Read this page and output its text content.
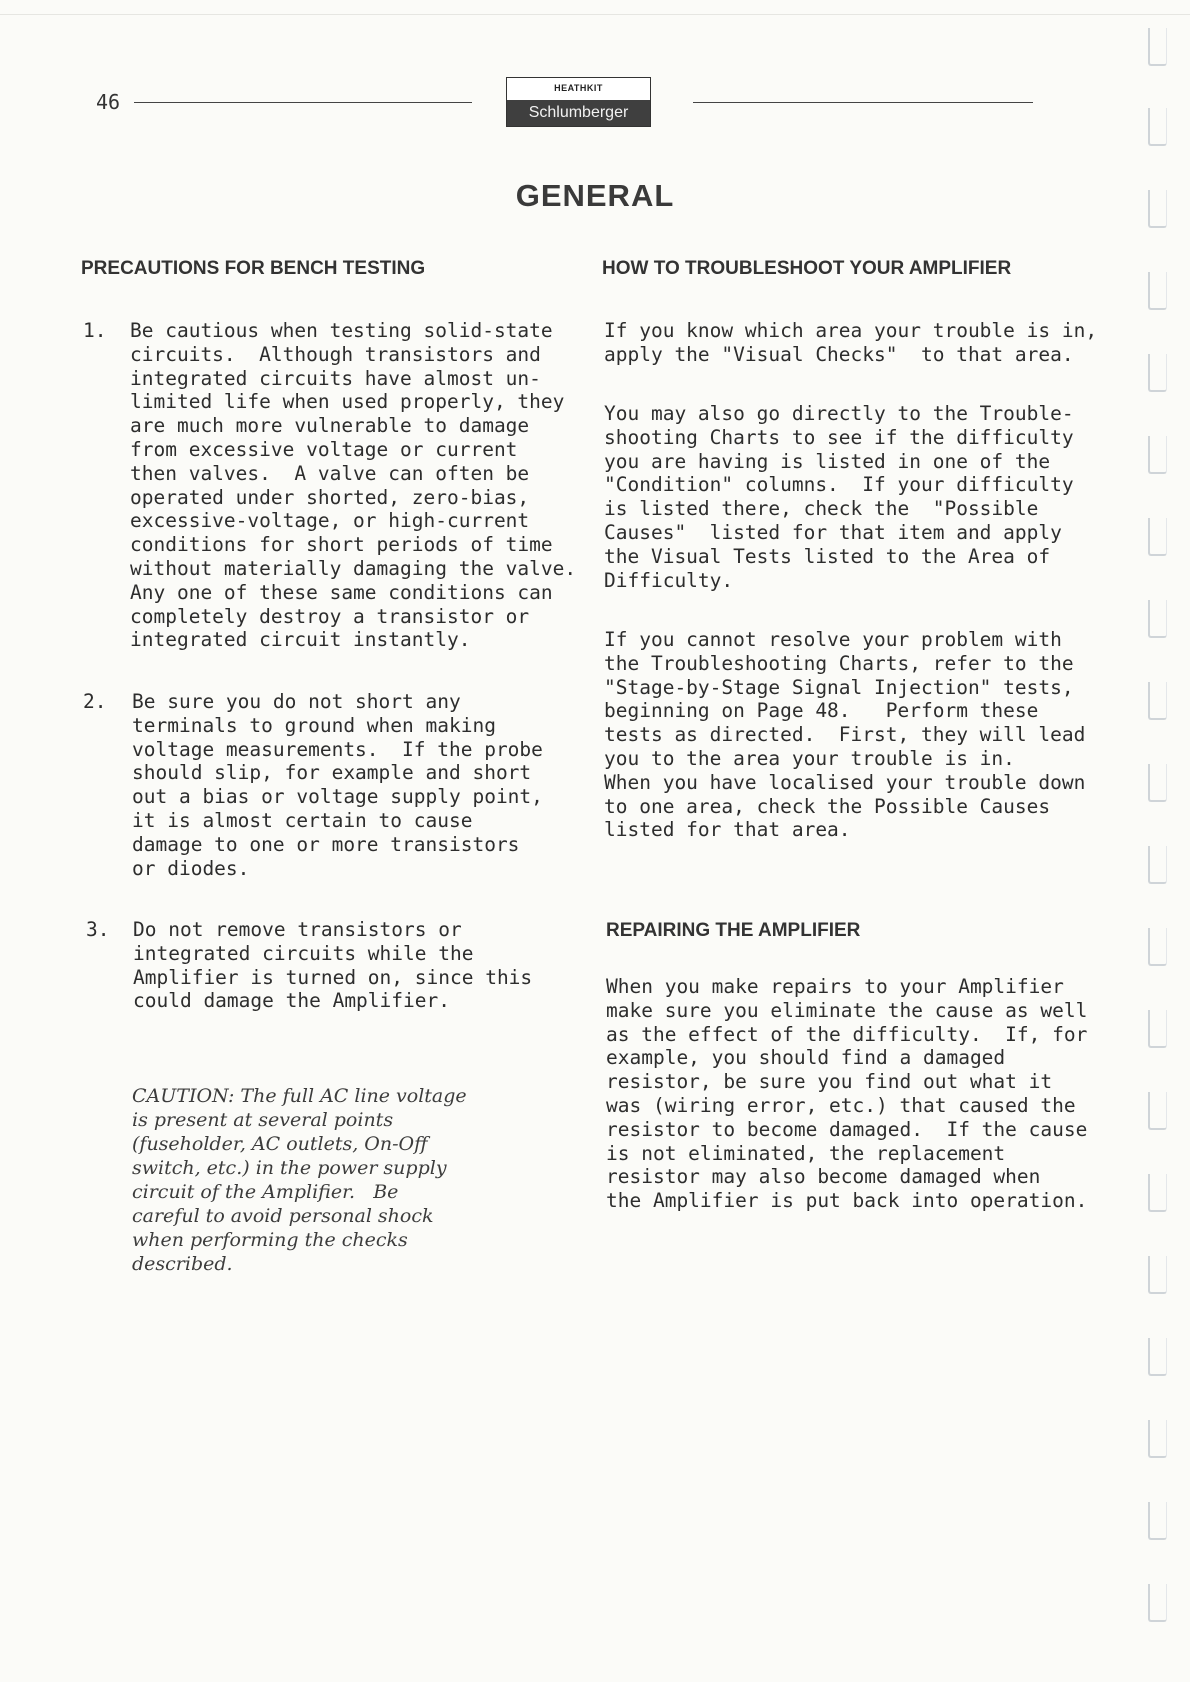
46
HEATHKIT
Schlumberger
GENERAL
PRECAUTIONS FOR BENCH TESTING
1. Be cautious when testing solid-state
circuits.  Although transistors and
integrated circuits have almost un-
limited life when used properly, they
are much more vulnerable to damage
from excessive voltage or current
then valves.  A valve can often be
operated under shorted, zero-bias,
excessive-voltage, or high-current
conditions for short periods of time
without materially damaging the valve.
Any one of these same conditions can
completely destroy a transistor or
integrated circuit instantly.
2. Be sure you do not short any
terminals to ground when making
voltage measurements.  If the probe
should slip, for example and short
out a bias or voltage supply point,
it is almost certain to cause
damage to one or more transistors
or diodes.
3. Do not remove transistors or
integrated circuits while the
Amplifier is turned on, since this
could damage the Amplifier.
CAUTION: The full AC line voltage
is present at several points
(fuseholder, AC outlets, On-Off
switch, etc.) in the power supply
circuit of the Amplifier.   Be
careful to avoid personal shock
when performing the checks
described.
HOW TO TROUBLESHOOT YOUR AMPLIFIER
If you know which area your trouble is in,
apply the "Visual Checks"  to that area.
You may also go directly to the Trouble-
shooting Charts to see if the difficulty
you are having is listed in one of the
"Condition" columns.  If your difficulty
is listed there, check the  "Possible
Causes"  listed for that item and apply
the Visual Tests listed to the Area of
Difficulty.
If you cannot resolve your problem with
the Troubleshooting Charts, refer to the
"Stage-by-Stage Signal Injection" tests,
beginning on Page 48.   Perform these
tests as directed.  First, they will lead
you to the area your trouble is in.
When you have localised your trouble down
to one area, check the Possible Causes
listed for that area.
REPAIRING THE AMPLIFIER
When you make repairs to your Amplifier
make sure you eliminate the cause as well
as the effect of the difficulty.  If, for
example, you should find a damaged
resistor, be sure you find out what it
was (wiring error, etc.) that caused the
resistor to become damaged.  If the cause
is not eliminated, the replacement
resistor may also become damaged when
the Amplifier is put back into operation.
